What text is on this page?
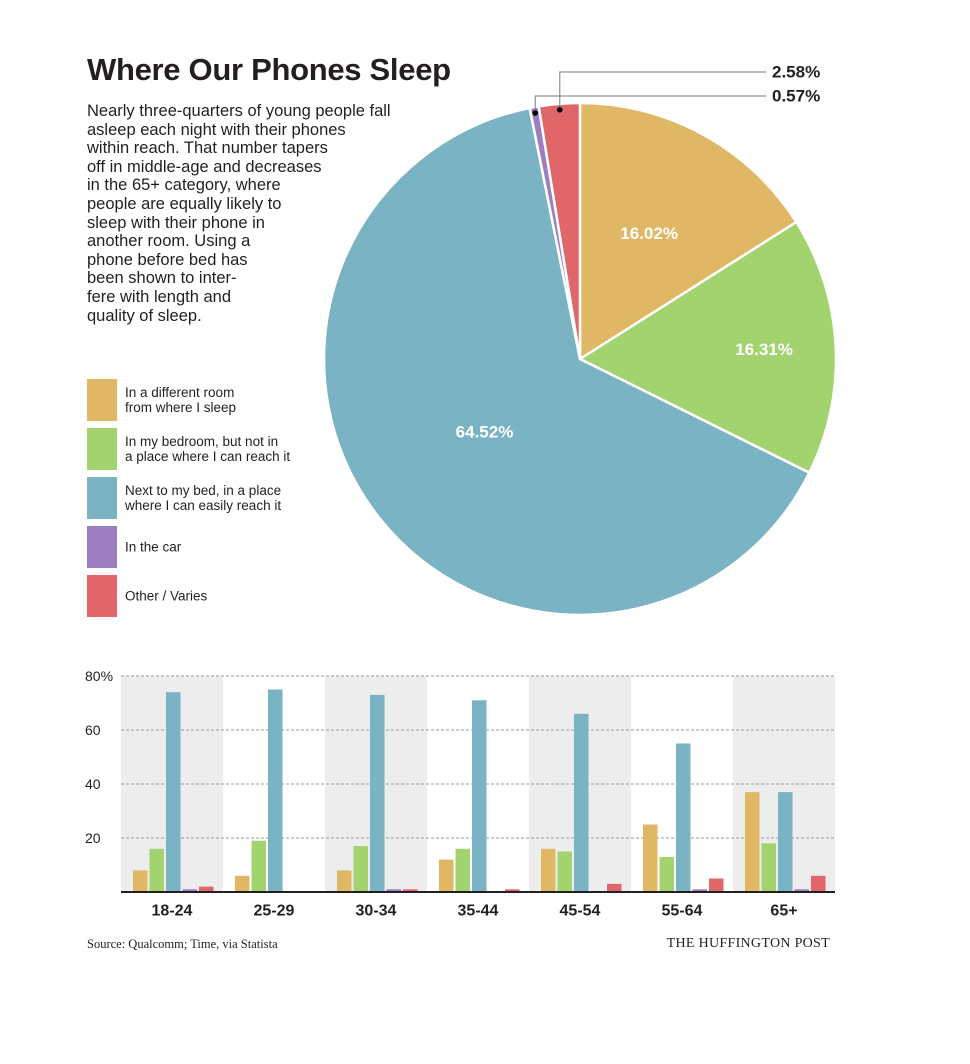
Where Our Phones Sleep
Nearly three-quarters of young people fall
asleep each night with their phones
within reach. That number tapers
off in middle-age and decreases
in the 65+ category, where
people are equally likely to
sleep with their phone in
another room. Using a
phone before bed has
been shown to inter-
fere with length and
quality of sleep.
In a different room
from where I sleep
In my bedroom, but not in
a place where I can reach it
Next to my bed, in a place
where I can easily reach it
In the car
Other / Varies
16.02%
16.31%
64.52%
0.57%
2.58%
20
40
60
80%
18-24	25-29	30-34	35-44	45-54	55-64	65+
Source: Qualcomm; Time, via Statista	THE HUFFINGTON POST
